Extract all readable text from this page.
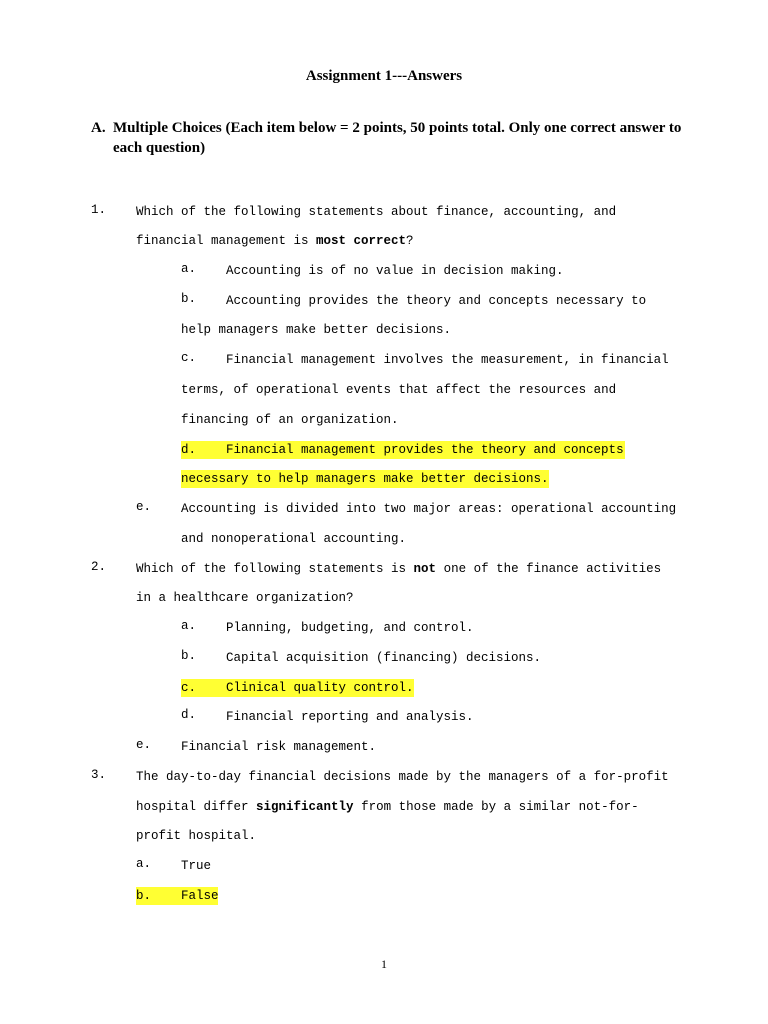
Assignment 1---Answers
A. Multiple Choices (Each item below = 2 points, 50 points total. Only one correct answer to each question)
1. Which of the following statements about finance, accounting, and
financial management is most correct?
a. Accounting is of no value in decision making.
b. Accounting provides the theory and concepts necessary to
help managers make better decisions.
c. Financial management involves the measurement, in financial
terms, of operational events that affect the resources and
financing of an organization.
d. Financial management provides the theory and concepts
necessary to help managers make better decisions.
e. Accounting is divided into two major areas: operational accounting
and nonoperational accounting.
2. Which of the following statements is not one of the finance activities
in a healthcare organization?
a. Planning, budgeting, and control.
b. Capital acquisition (financing) decisions.
c. Clinical quality control.
d. Financial reporting and analysis.
e. Financial risk management.
3. The day-to-day financial decisions made by the managers of a for-profit
hospital differ significantly from those made by a similar not-for-
profit hospital.
a. True
b. False
1
